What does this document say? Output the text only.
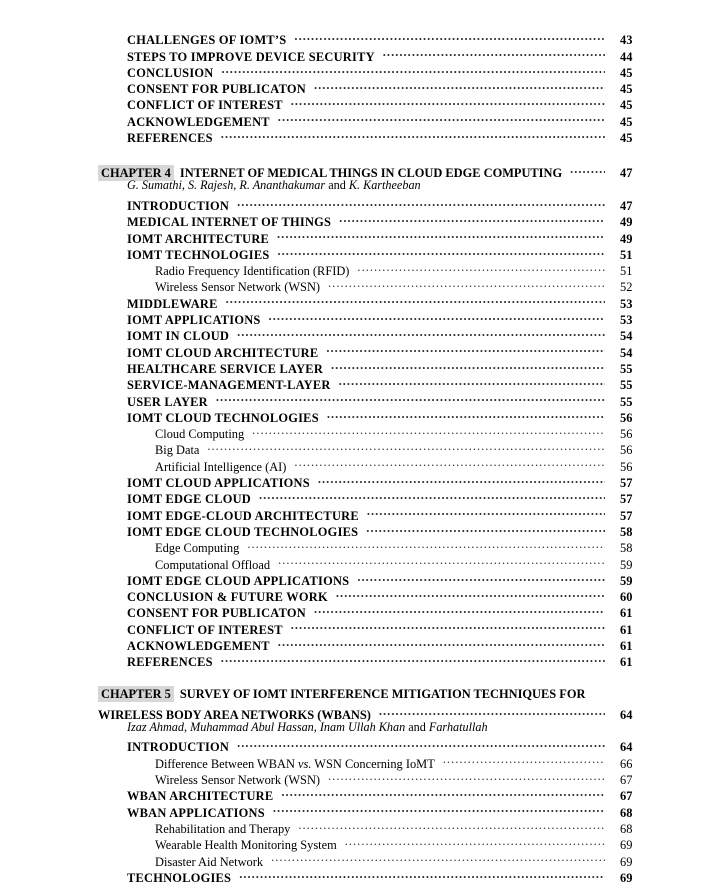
CHALLENGES OF IOMT’S .....	43
STEPS TO IMPROVE DEVICE SECURITY .....	44
CONCLUSION .....	45
CONSENT FOR PUBLICATON .....	45
CONFLICT OF INTEREST .....	45
ACKNOWLEDGEMENT .....	45
REFERENCES .....	45
CHAPTER 4 INTERNET OF MEDICAL THINGS IN CLOUD EDGE COMPUTING .....	47
G. Sumathi, S. Rajesh, R. Ananthakumar and K. Kartheeban
INTRODUCTION .....	47
MEDICAL INTERNET OF THINGS .....	49
IOMT ARCHITECTURE .....	49
IOMT TECHNOLOGIES .....	51
Radio Frequency Identification (RFID) .....	51
Wireless Sensor Network (WSN) .....	52
MIDDLEWARE .....	53
IOMT APPLICATIONS .....	53
IOMT IN CLOUD .....	54
IOMT CLOUD ARCHITECTURE .....	54
HEALTHCARE SERVICE LAYER .....	55
SERVICE-MANAGEMENT-LAYER .....	55
USER LAYER .....	55
IOMT CLOUD TECHNOLOGIES .....	56
Cloud Computing .....	56
Big Data .....	56
Artificial Intelligence (AI) .....	56
IOMT CLOUD APPLICATIONS .....	57
IOMT EDGE CLOUD .....	57
IOMT EDGE-CLOUD ARCHITECTURE .....	57
IOMT EDGE CLOUD TECHNOLOGIES .....	58
Edge Computing .....	58
Computational Offload .....	59
IOMT EDGE CLOUD APPLICATIONS .....	59
CONCLUSION & FUTURE WORK .....	60
CONSENT FOR PUBLICATON .....	61
CONFLICT OF INTEREST .....	61
ACKNOWLEDGEMENT .....	61
REFERENCES .....	61
CHAPTER 5 SURVEY OF IOMT INTERFERENCE MITIGATION TECHNIQUES FOR
WIRELESS BODY AREA NETWORKS (WBANS) .....	64
Izaz Ahmad, Muhammad Abul Hassan, Inam Ullah Khan and Farhatullah
INTRODUCTION .....	64
Difference Between WBAN vs. WSN Concerning IoMT .....	66
Wireless Sensor Network (WSN) .....	67
WBAN ARCHITECTURE .....	67
WBAN APPLICATIONS .....	68
Rehabilitation and Therapy .....	68
Wearable Health Monitoring System .....	69
Disaster Aid Network .....	69
TECHNOLOGIES .....	69
